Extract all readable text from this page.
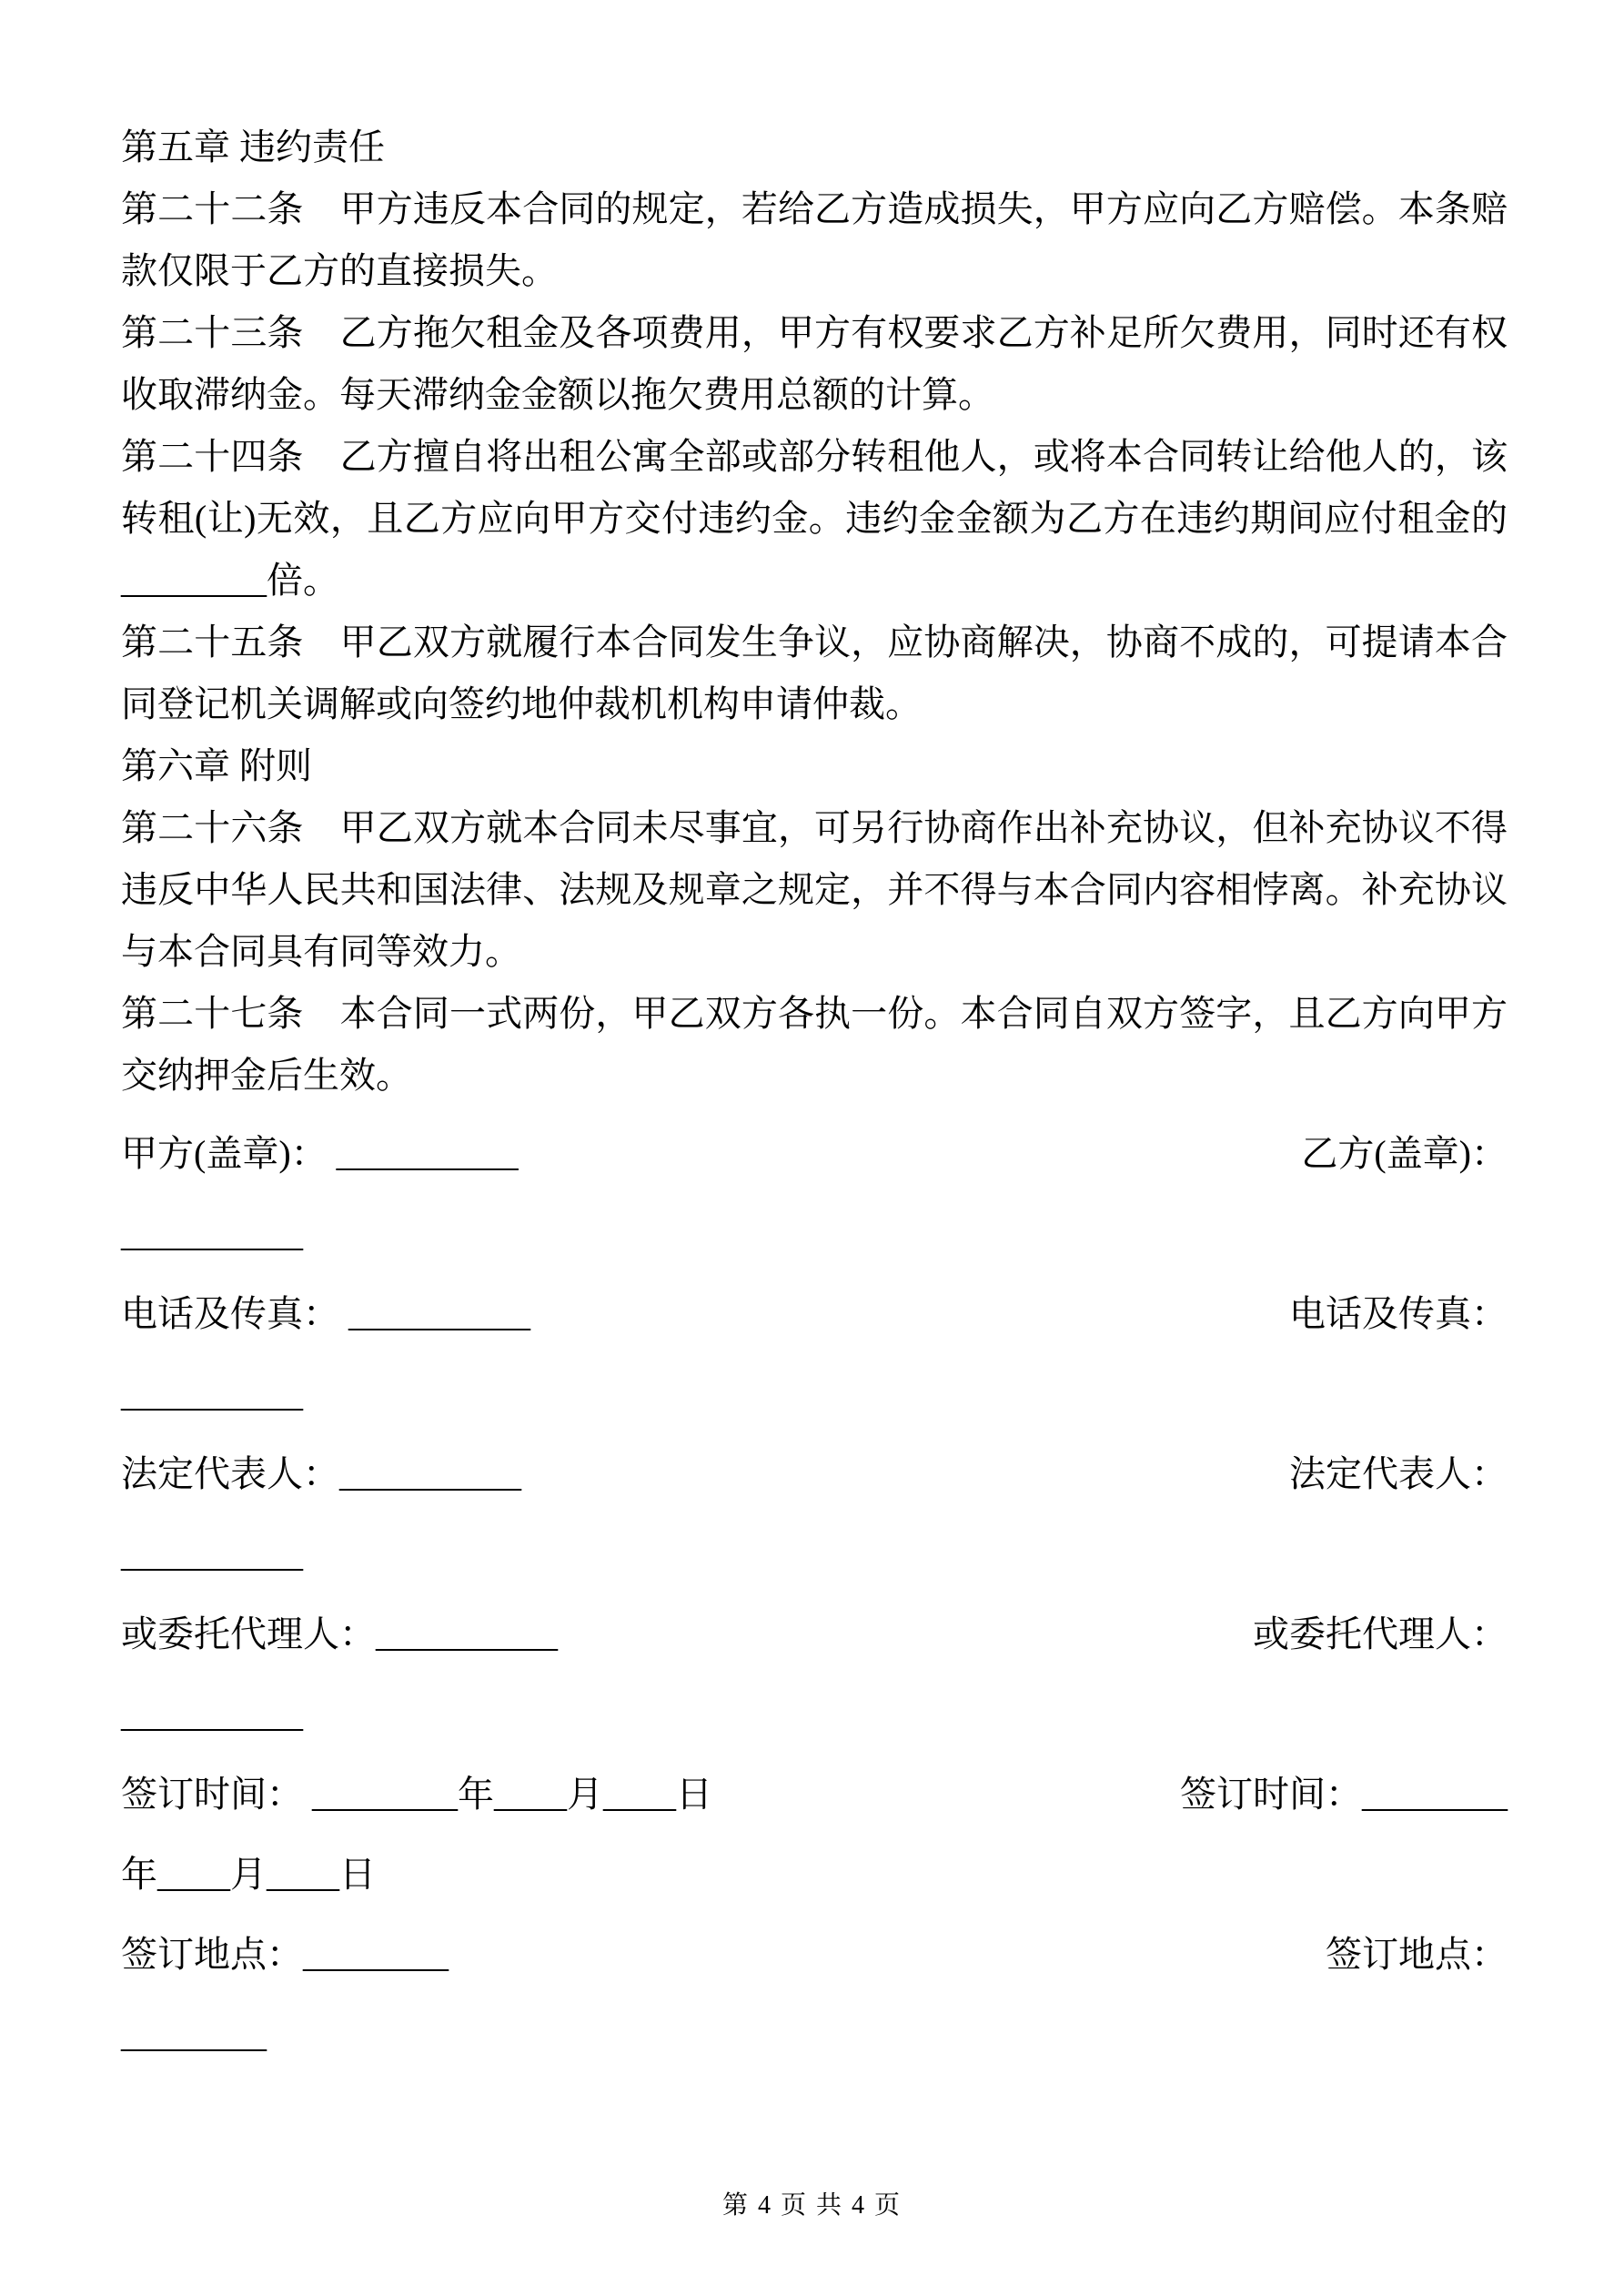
第五章 违约责任

第二十二条　甲方违反本合同的规定，若给乙方造成损失，甲方应向乙方赔偿。本条赔款仅限于乙方的直接损失。

第二十三条　乙方拖欠租金及各项费用，甲方有权要求乙方补足所欠费用，同时还有权收取滞纳金。每天滞纳金金额以拖欠费用总额的计算。

第二十四条　乙方擅自将出租公寓全部或部分转租他人，或将本合同转让给他人的，该转租(让)无效，且乙方应向甲方交付违约金。违约金金额为乙方在违约期间应付租金的________倍。

第二十五条　甲乙双方就履行本合同发生争议，应协商解决，协商不成的，可提请本合同登记机关调解或向签约地仲裁机机构申请仲裁。

第六章 附则

第二十六条　甲乙双方就本合同未尽事宜，可另行协商作出补充协议，但补充协议不得违反中华人民共和国法律、法规及规章之规定，并不得与本合同内容相悖离。补充协议与本合同具有同等效力。

第二十七条　本合同一式两份，甲乙双方各执一份。本合同自双方签字，且乙方向甲方交纳押金后生效。

甲方(盖章)： __________	乙方(盖章)：
__________
电话及传真： __________	电话及传真：
__________
法定代表人：__________	法定代表人：
__________
或委托代理人：__________	或委托代理人：
__________
签订时间： ________年____月____日	签订时间：________
年____月____日
签订地点：________	签订地点：
________
第 4 页 共 4 页
